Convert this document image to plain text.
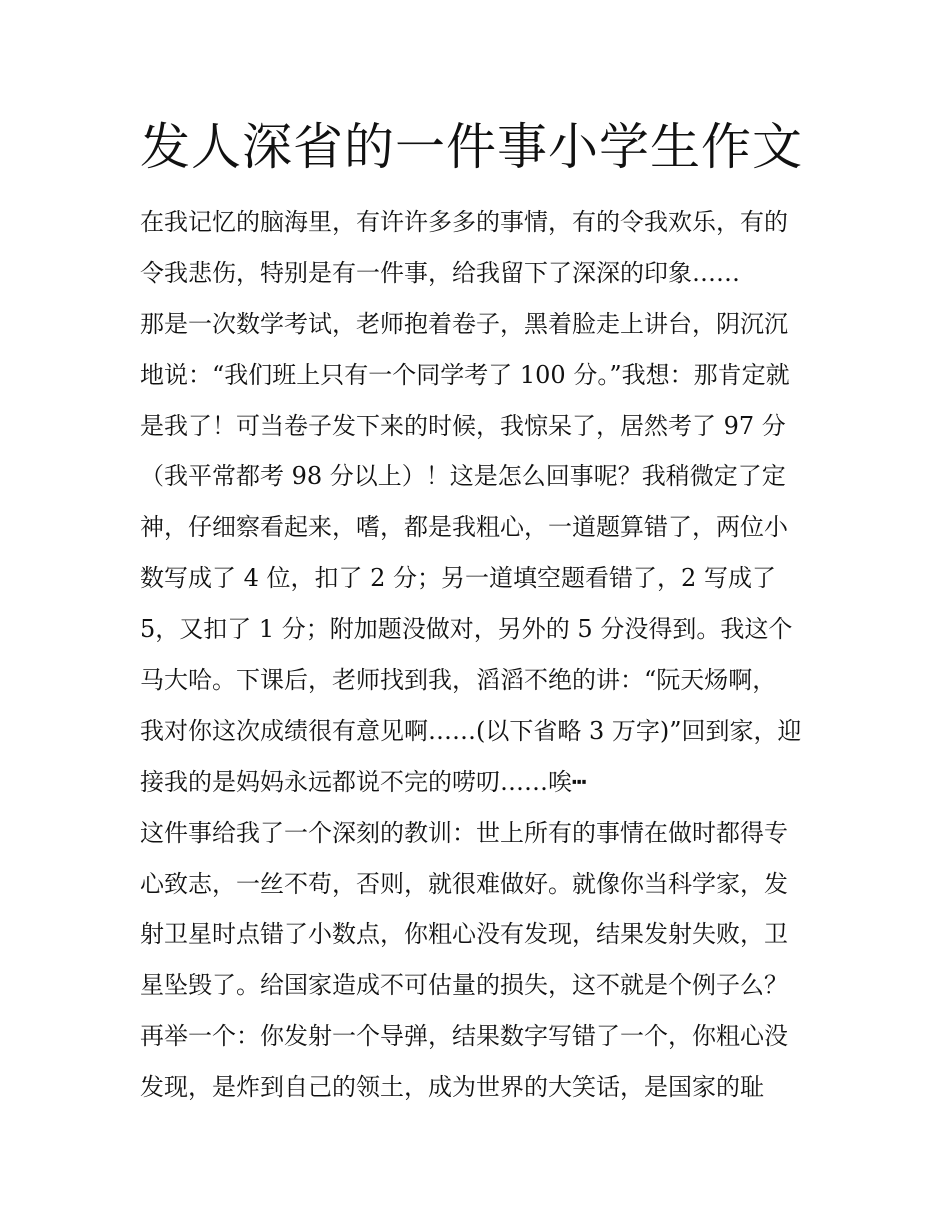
发人深省的一件事小学生作文
在我记忆的脑海里，有许许多多的事情，有的令我欢乐，有的
令我悲伤，特别是有一件事，给我留下了深深的印象……
那是一次数学考试，老师抱着卷子，黑着脸走上讲台，阴沉沉
地说：“我们班上只有一个同学考了 100 分。”我想：那肯定就
是我了！可当卷子发下来的时候，我惊呆了，居然考了 97 分
（我平常都考 98 分以上）！这是怎么回事呢？我稍微定了定
神，仔细察看起来，嗜，都是我粗心，一道题算错了，两位小
数写成了 4 位，扣了 2 分；另一道填空题看错了，2 写成了
5，又扣了 1 分；附加题没做对，另外的 5 分没得到。我这个
马大哈。下课后，老师找到我，滔滔不绝的讲：“阮天炀啊，
我对你这次成绩很有意见啊……(以下省略 3 万字)”回到家，迎
接我的是妈妈永远都说不完的唠叨……唉┅
这件事给我了一个深刻的教训：世上所有的事情在做时都得专
心致志，一丝不苟，否则，就很难做好。就像你当科学家，发
射卫星时点错了小数点，你粗心没有发现，结果发射失败，卫
星坠毁了。给国家造成不可估量的损失，这不就是个例子么？
再举一个：你发射一个导弹，结果数字写错了一个，你粗心没
发现，是炸到自己的领土，成为世界的大笑话，是国家的耻
